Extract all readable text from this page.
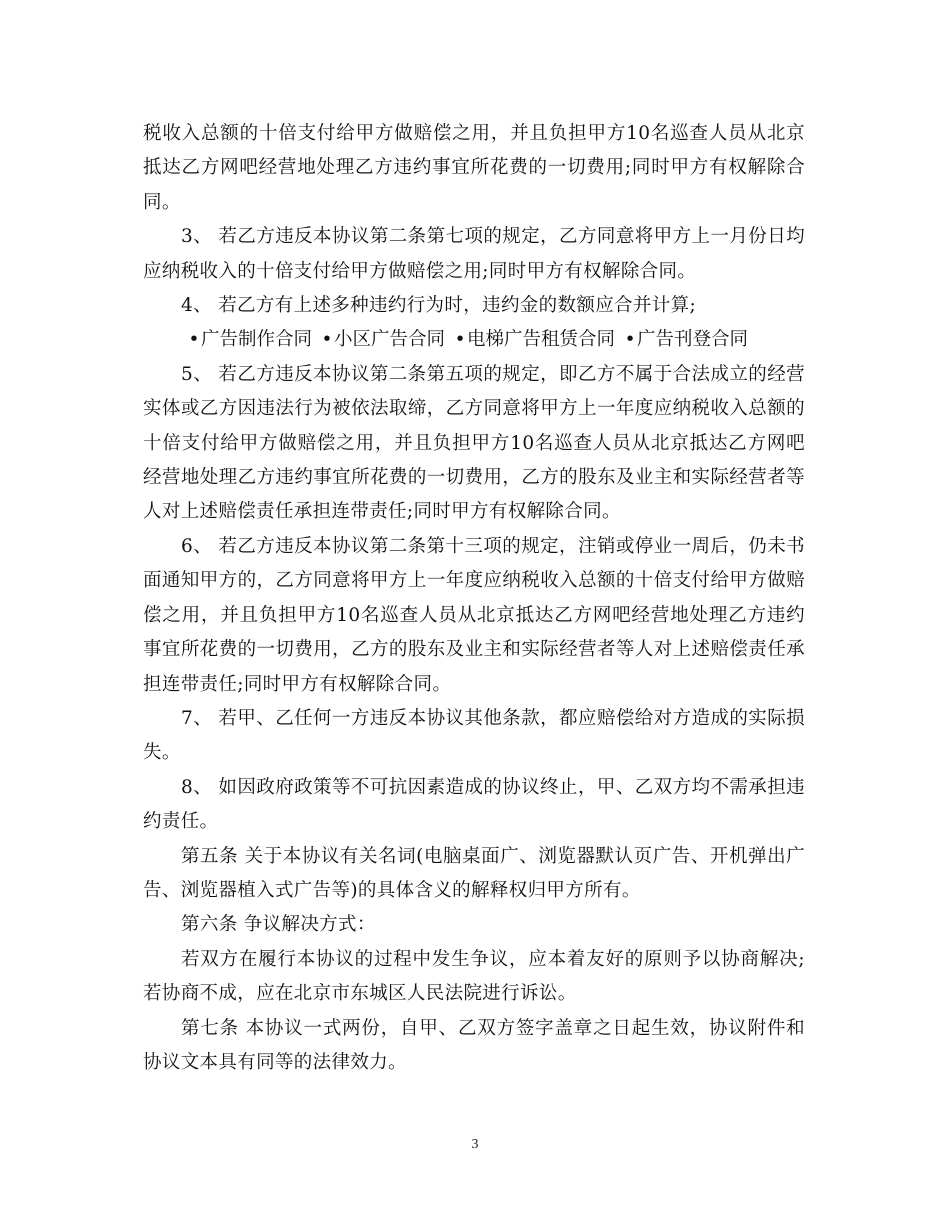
税收入总额的十倍支付给甲方做赔偿之用，并且负担甲方10名巡查人员从北京抵达乙方网吧经营地处理乙方违约事宜所花费的一切费用;同时甲方有权解除合同。

3、 若乙方违反本协议第二条第七项的规定，乙方同意将甲方上一月份日均应纳税收入的十倍支付给甲方做赔偿之用;同时甲方有权解除合同。

4、 若乙方有上述多种违约行为时，违约金的数额应合并计算;

•广告制作合同 •小区广告合同 •电梯广告租赁合同 •广告刊登合同

5、 若乙方违反本协议第二条第五项的规定，即乙方不属于合法成立的经营实体或乙方因违法行为被依法取缔，乙方同意将甲方上一年度应纳税收入总额的十倍支付给甲方做赔偿之用，并且负担甲方10名巡查人员从北京抵达乙方网吧经营地处理乙方违约事宜所花费的一切费用，乙方的股东及业主和实际经营者等人对上述赔偿责任承担连带责任;同时甲方有权解除合同。

6、 若乙方违反本协议第二条第十三项的规定，注销或停业一周后，仍未书面通知甲方的，乙方同意将甲方上一年度应纳税收入总额的十倍支付给甲方做赔偿之用，并且负担甲方10名巡查人员从北京抵达乙方网吧经营地处理乙方违约事宜所花费的一切费用，乙方的股东及业主和实际经营者等人对上述赔偿责任承担连带责任;同时甲方有权解除合同。

7、 若甲、乙任何一方违反本协议其他条款，都应赔偿给对方造成的实际损失。

8、 如因政府政策等不可抗因素造成的协议终止，甲、乙双方均不需承担违约责任。

第五条 关于本协议有关名词(电脑桌面广、浏览器默认页广告、开机弹出广告、浏览器植入式广告等)的具体含义的解释权归甲方所有。

第六条 争议解决方式：

若双方在履行本协议的过程中发生争议，应本着友好的原则予以协商解决;若协商不成，应在北京市东城区人民法院进行诉讼。

第七条 本协议一式两份，自甲、乙双方签字盖章之日起生效，协议附件和协议文本具有同等的法律效力。

3
